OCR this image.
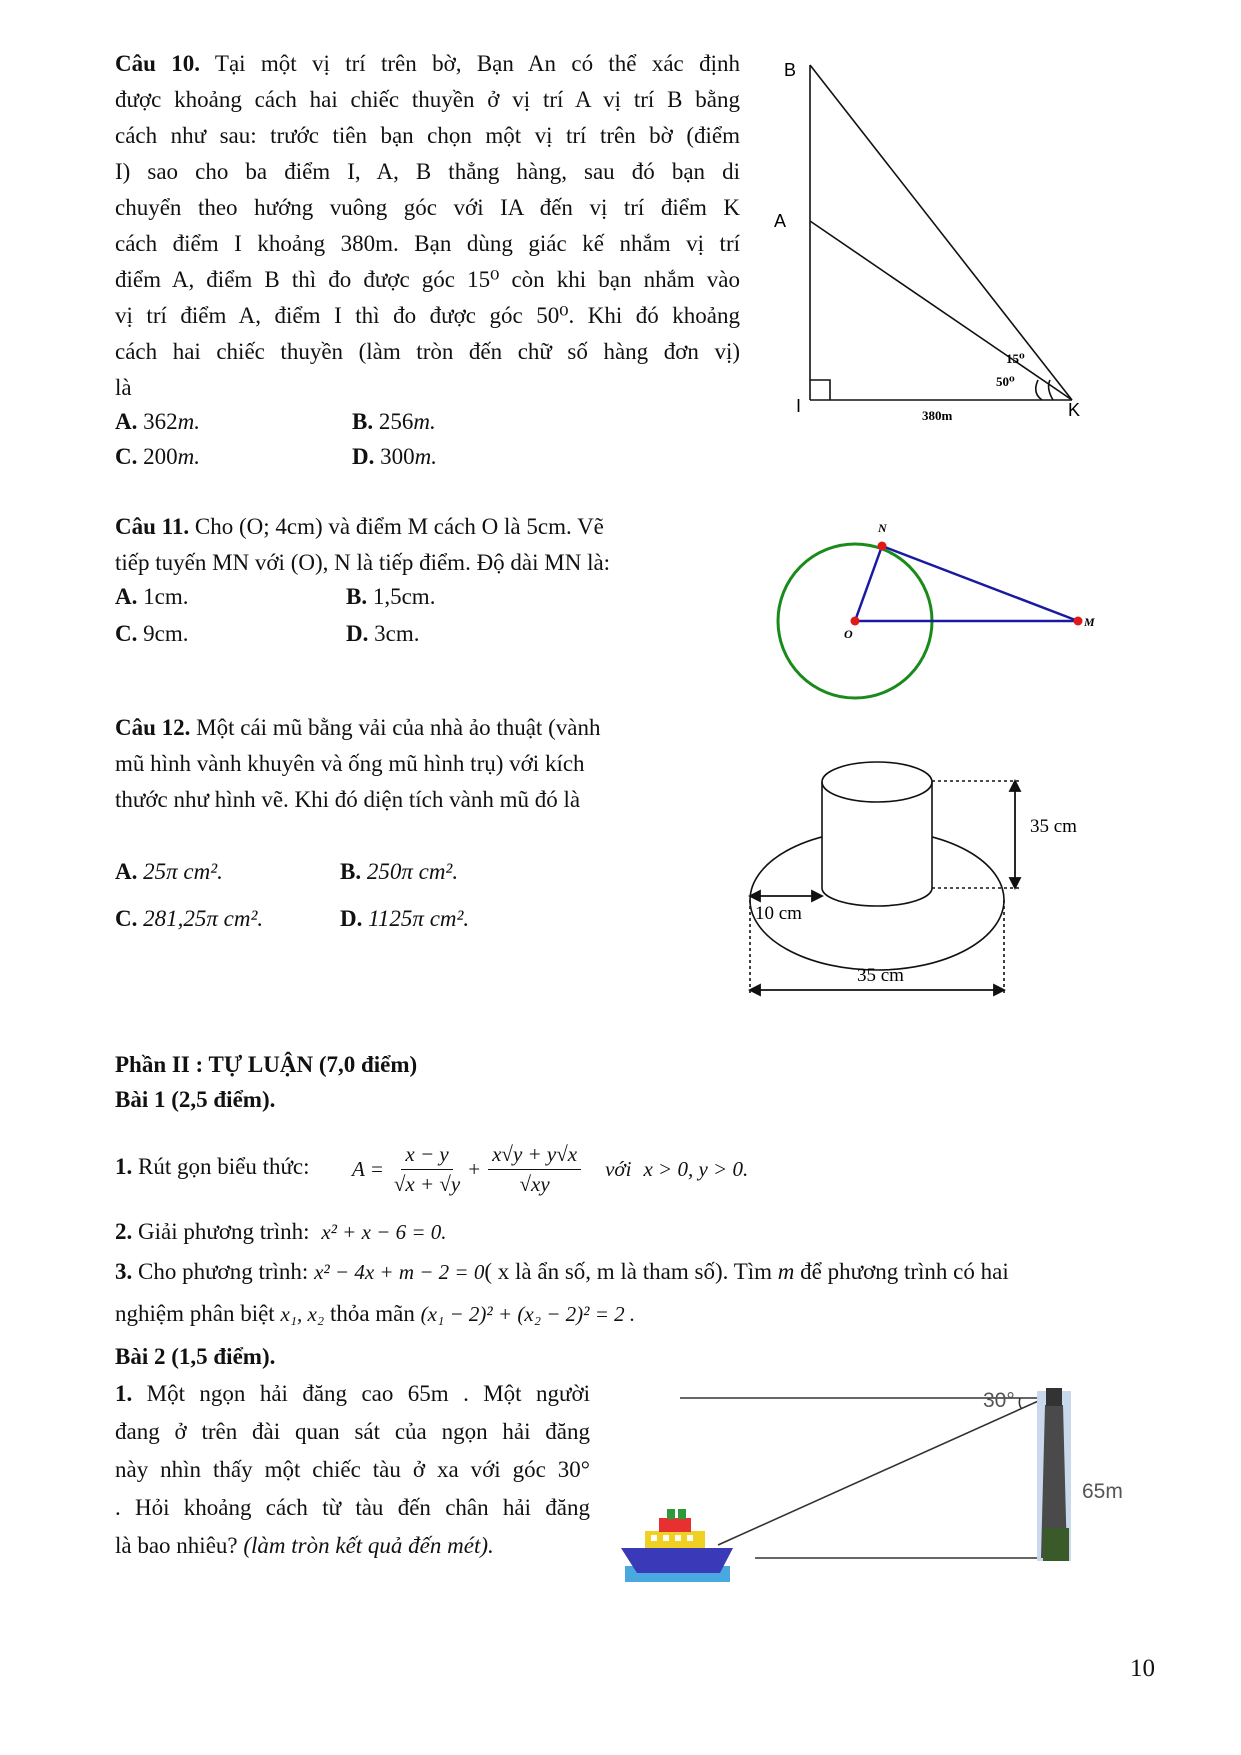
Câu 10. Tại một vị trí trên bờ, Bạn An có thể xác định
được khoảng cách hai chiếc thuyền ở vị trí A vị trí B bằng
cách như sau: trước tiên bạn chọn một vị trí trên bờ (điểm
I) sao cho ba điểm I, A, B thẳng hàng, sau đó bạn di
chuyển theo hướng vuông góc với IA đến vị trí điểm K
cách điểm I khoảng 380m. Bạn dùng giác kế nhắm vị trí
điểm A, điểm B thì đo được góc 15⁰ còn khi bạn nhắm vào
vị trí điểm A, điểm I thì đo được góc 50⁰. Khi đó khoảng
cách hai chiếc thuyền (làm tròn đến chữ số hàng đơn vị)
là
A. 362m.	B. 256m.
C. 200m.	D. 300m.
B
A
I	K
15⁰
50⁰
380m
Câu 11. Cho (O; 4cm) và điểm M cách O là 5cm. Vẽ
tiếp tuyến MN với (O), N là tiếp điểm. Độ dài MN là:
A. 1cm.	B. 1,5cm.
C. 9cm.	D. 3cm.
N
O
M
Câu 12. Một cái mũ bằng vải của nhà ảo thuật (vành
mũ hình vành khuyên và ống mũ hình trụ) với kích
thước như hình vẽ. Khi đó diện tích vành mũ đó là
A. 25π cm².	B. 250π cm².
C. 281,25π cm².	D. 1125π cm².
35 cm
10 cm
35 cm
Phần II : TỰ LUẬN (7,0 điểm)
Bài 1 (2,5 điểm).
1. Rút gọn biểu thức: $A = \frac{x - y}{√x + √y} + \frac{x√y + y√x}{√xy}$ với x > 0, y > 0.
2. Giải phương trình: x² + x − 6 = 0.
3. Cho phương trình: x² − 4x + m − 2 = 0( x là ẩn số, m là tham số). Tìm m để phương trình có hai
nghiệm phân biệt x₁, x₂ thỏa mãn (x₁ − 2)² + (x₂ − 2)² = 2 .
Bài 2 (1,5 điểm).
1. Một ngọn hải đăng cao 65m . Một người
đang ở trên đài quan sát của ngọn hải đăng
này nhìn thấy một chiếc tàu ở xa với góc 30°
. Hỏi khoảng cách từ tàu đến chân hải đăng
là bao nhiêu? (làm tròn kết quả đến mét).
30°
65m
10
